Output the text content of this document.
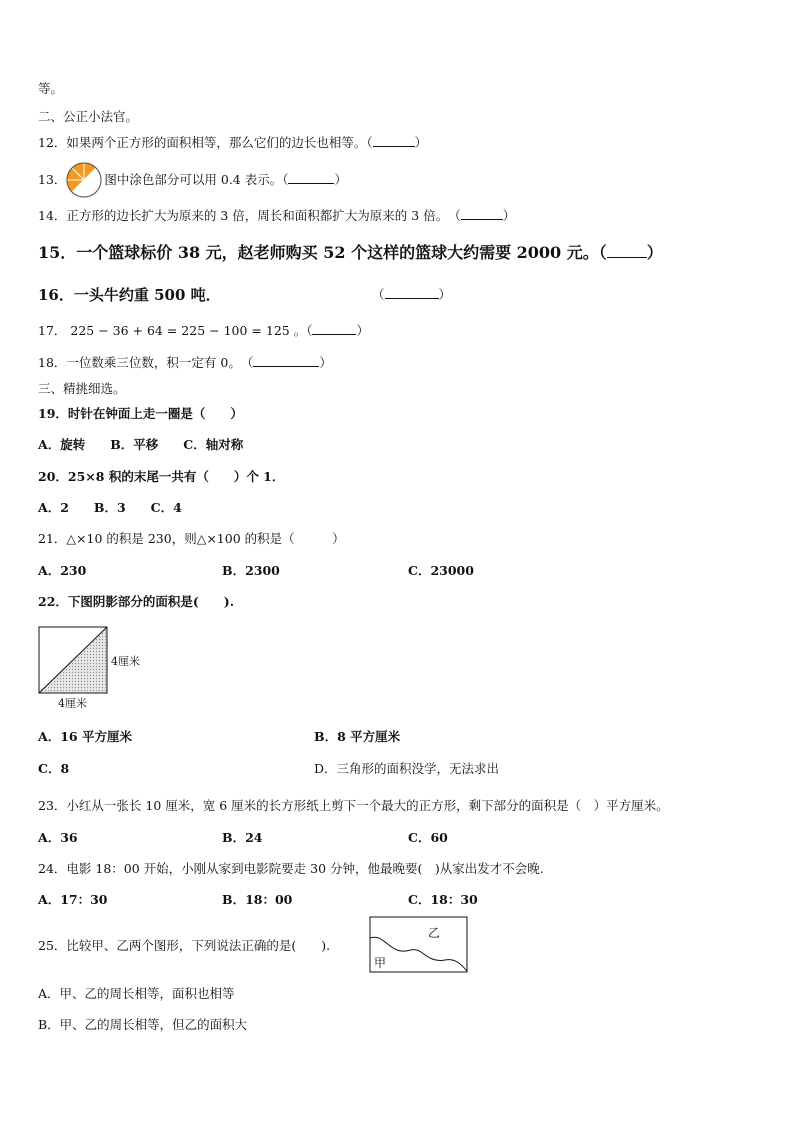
等。
二、公正小法官。
12．如果两个正方形的面积相等，那么它们的边长也相等。（	）
13．	图中涂色部分可以用 0.4 表示。（	）
14．正方形的边长扩大为原来的 3 倍，周长和面积都扩大为原来的 3 倍。　（	）
15．一个篮球标价 38 元，赵老师购买 52 个这样的篮球大约需要 2000 元。（	）
16．一头牛约重 500 吨．	（	）
17． 225 − 36 + 64 = 225 − 100 = 125 。（	）
18．一位数乘三位数，积一定有 0。　（	）
三、精挑细选。
19．时针在钟面上走一圈是（　　）
A．旋转　　B．平移　　C．轴对称
20．25×8 积的末尾一共有（　　）个 1．
A．2　　B．3　　C．4
21．△×10 的积是 230，则△×100 的积是（　　　）
A．230	B．2300	C．23000
22．下图阴影部分的面积是(　　).
4厘米
4厘米
A．16 平方厘米	B．8 平方厘米
C．8	D．三角形的面积没学，无法求出
23．小红从一张长 10 厘米，宽 6 厘米的长方形纸上剪下一个最大的正方形，剩下部分的面积是（　）平方厘米。
A．36	B．24	C．60
24．电影 18：00 开始，小刚从家到电影院要走 30 分钟，他最晚要(　)从家出发才不会晚.
A．17：30	B．18：00	C．18：30
25．比较甲、乙两个图形，下列说法正确的是(　　).
乙
甲
A．甲、乙的周长相等，面积也相等
B．甲、乙的周长相等，但乙的面积大
